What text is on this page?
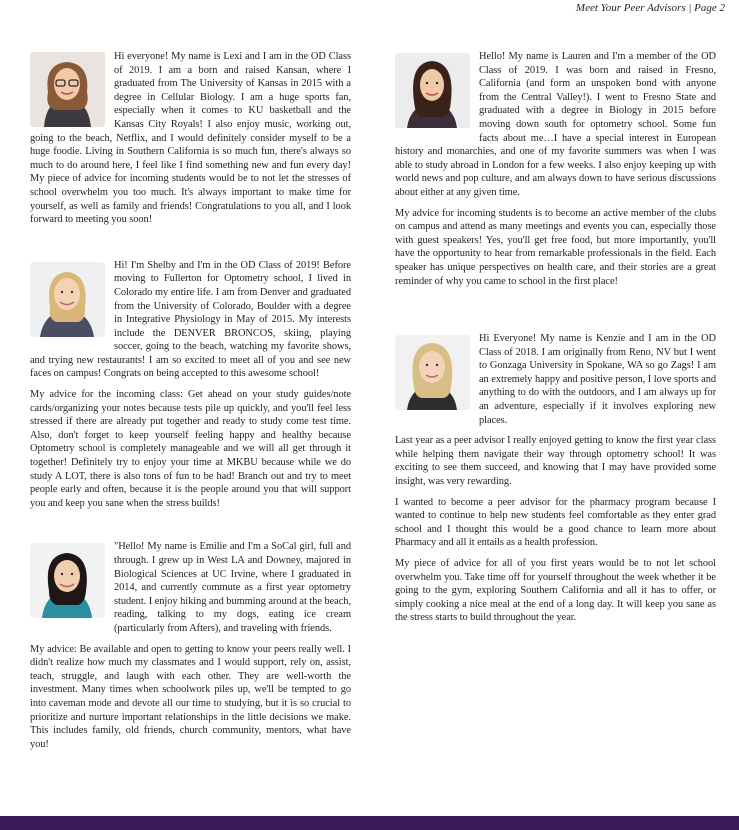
Meet Your Peer Advisors | Page 2

Hi everyone! My name is Lexi and I am in the OD Class of 2019. I am a born and raised Kansan, where I graduated from The University of Kansas in 2015 with a degree in Cellular Biology. I am a huge sports fan, especially when it comes to KU basketball and the Kansas City Royals! I also enjoy music, working out, going to the beach, Netflix, and I would definitely consider myself to be a huge foodie. Living in Southern California is so much fun, there's always so much to do around here, I feel like I find something new and fun every day! My piece of advice for incoming students would be to not let the stresses of school overwhelm you too much. It's always important to make time for yourself, as well as family and friends! Congratulations to you all, and I look forward to meeting you soon!

Hi! I'm Shelby and I'm in the OD Class of 2019! Before moving to Fullerton for Optometry school, I lived in Colorado my entire life. I am from Denver and graduated from the University of Colorado, Boulder with a degree in Integrative Physiology in May of 2015. My interests include the DENVER BRONCOS, skiing, playing soccer, going to the beach, watching my favorite shows, and trying new restaurants! I am so excited to meet all of you and see new faces on campus! Congrats on being accepted to this awesome school!

My advice for the incoming class: Get ahead on your study guides/note cards/organizing your notes because tests pile up quickly, and you'll feel less stressed if there are already put together and ready to study come test time. Also, don't forget to keep yourself feeling happy and healthy because Optometry school is completely manageable and we will all get through it together! Definitely try to enjoy your time at MKBU because while we do study A LOT, there is also tons of fun to be had! Branch out and try to meet people early and often, because it is the people around you that will support you and keep you sane when the stress builds!

"Hello! My name is Emilie and I'm a SoCal girl, full and through. I grew up in West LA and Downey, majored in Biological Sciences at UC Irvine, where I graduated in 2014, and currently commute as a first year optometry student. I enjoy hiking and bumming around at the beach, reading, talking to my dogs, eating ice cream (particularly from Afters), and traveling with friends.

My advice: Be available and open to getting to know your peers really well. I didn't realize how much my classmates and I would support, rely on, assist, teach, struggle, and laugh with each other. They are well-worth the investment. Many times when schoolwork piles up, we'll be tempted to go into caveman mode and devote all our time to studying, but it is so crucial to prioritize and nurture important relationships in the little decisions we make. This includes family, old friends, church community, mentors, what have you!

Hello! My name is Lauren and I'm a member of the OD Class of 2019. I was born and raised in Fresno, California (and form an unspoken bond with anyone from the Central Valley!). I went to Fresno State and graduated with a degree in Biology in 2015 before moving down south for optometry school. Some fun facts about me…I have a special interest in European history and monarchies, and one of my favorite summers was when I was able to study abroad in London for a few weeks. I also enjoy keeping up with world news and pop culture, and am always down to have serious discussions about either at any given time.

My advice for incoming students is to become an active member of the clubs on campus and attend as many meetings and events you can, especially those with guest speakers! Yes, you'll get free food, but more importantly, you'll have the opportunity to hear from remarkable professionals in the field. Each speaker has unique perspectives on health care, and their stories are a great reminder of why you came to school in the first place!

Hi Everyone! My name is Kenzie and I am in the OD Class of 2018. I am originally from Reno, NV but I went to Gonzaga University in Spokane, WA so go Zags! I am an extremely happy and positive person, I love sports and anything to do with the outdoors, and I am always up for an adventure, especially if it involves exploring new places.

Last year as a peer advisor I really enjoyed getting to know the first year class while helping them navigate their way through optometry school! It was exciting to see them succeed, and knowing that I may have provided some insight, was very rewarding.

I wanted to become a peer advisor for the pharmacy program because I wanted to continue to help new students feel comfortable as they enter grad school and I thought this would be a good chance to learn more about Pharmacy and all it entails as a health profession.

My piece of advice for all of you first years would be to not let school overwhelm you. Take time off for yourself throughout the week whether it be going to the gym, exploring Southern California and all it has to offer, or simply cooking a nice meal at the end of a long day. It will keep you sane as the stress starts to build throughout the year.
